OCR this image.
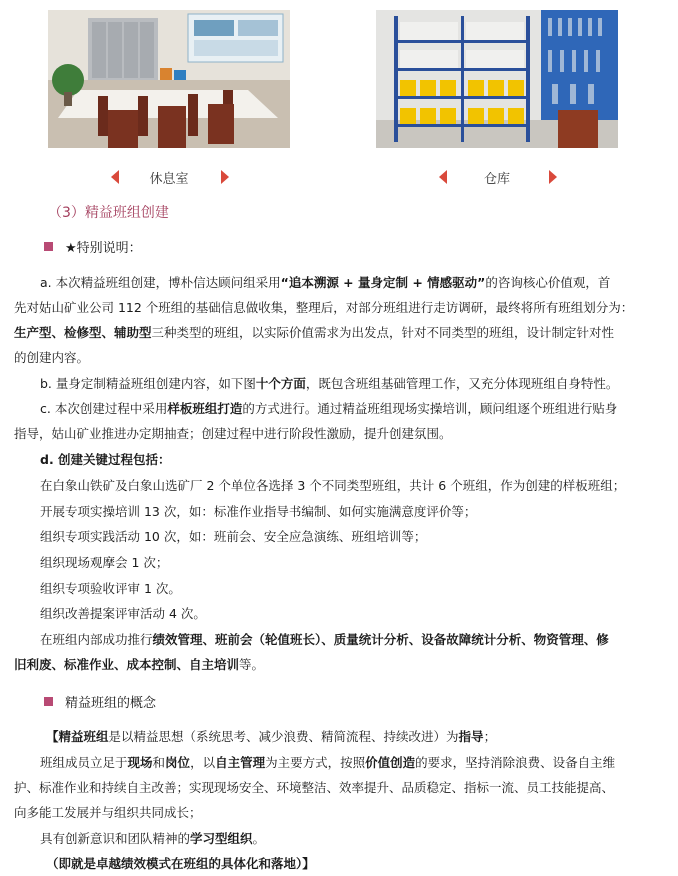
休息室	仓库
（3）精益班组创建
★特别说明：
a. 本次精益班组创建，博朴信达顾问组采用“追本溯源 + 量身定制 + 情感驱动”的咨询核心价值观，首
先对姑山矿业公司 112 个班组的基础信息做收集，整理后，对部分班组进行走访调研，最终将所有班组划分为：
生产型、检修型、辅助型三种类型的班组，以实际价值需求为出发点，针对不同类型的班组，设计制定针对性
的创建内容。
b. 量身定制精益班组创建内容，如下图十个方面，既包含班组基础管理工作，又充分体现班组自身特性。
c. 本次创建过程中采用样板班组打造的方式进行。通过精益班组现场实操培训，顾问组逐个班组进行贴身
指导，姑山矿业推进办定期抽查；创建过程中进行阶段性激励，提升创建氛围。
d. 创建关键过程包括：
在白象山铁矿及白象山选矿厂 2 个单位各选择 3 个不同类型班组，共计 6 个班组，作为创建的样板班组；
开展专项实操培训 13 次，如：标准作业指导书编制、如何实施满意度评价等；
组织专项实践活动 10 次，如：班前会、安全应急演练、班组培训等；
组织现场观摩会 1 次；
组织专项验收评审 1 次。
组织改善提案评审活动 4 次。
在班组内部成功推行绩效管理、班前会（轮值班长）、质量统计分析、设备故障统计分析、物资管理、修
旧利废、标准作业、成本控制、自主培训等。
精益班组的概念
【精益班组是以精益思想（系统思考、减少浪费、精简流程、持续改进）为指导；
班组成员立足于现场和岗位，以自主管理为主要方式，按照价值创造的要求，坚持消除浪费、设备自主维
护、标准作业和持续自主改善；实现现场安全、环境整洁、效率提升、品质稳定、指标一流、员工技能提高、
向多能工发展并与组织共同成长；
具有创新意识和团队精神的学习型组织。
（即就是卓越绩效模式在班组的具体化和落地）】
